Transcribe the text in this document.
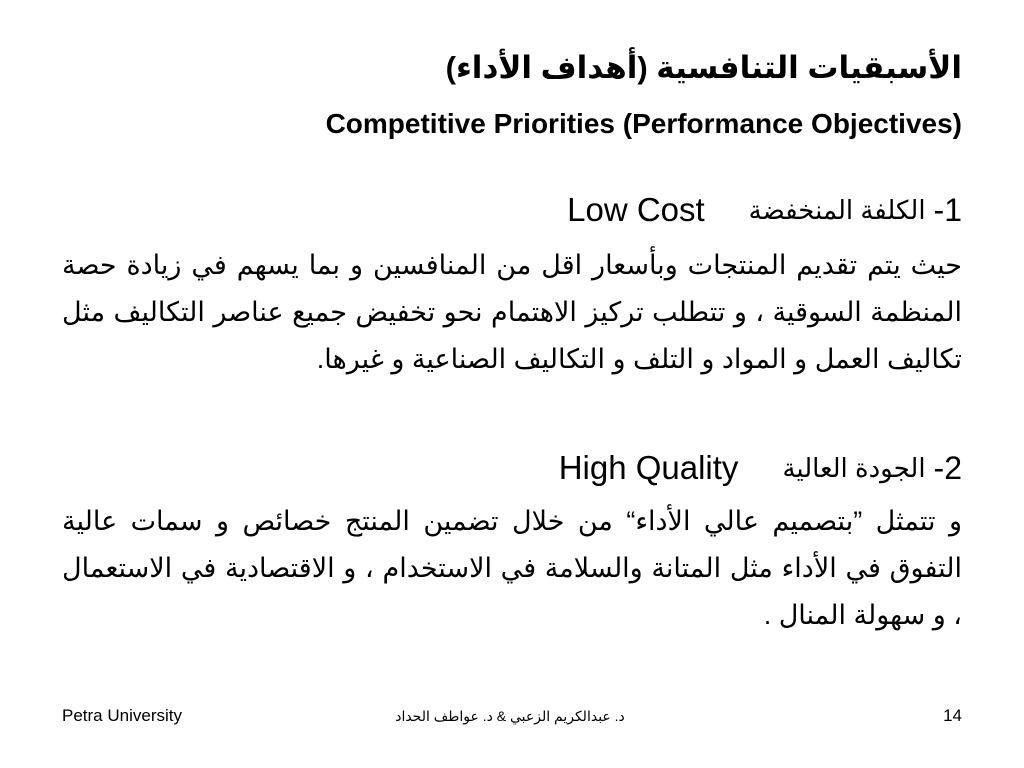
الأسبقيات التنافسية (أهداف الأداء)
Competitive Priorities (Performance Objectives)
1-
الكلفة المنخفضة
Low Cost

حيث يتم تقديم المنتجات وبأسعار اقل من المنافسين و بما يسهم في زيادة حصة المنظمة السوقية ، و تتطلب تركيز الاهتمام نحو تخفيض جميع عناصر التكاليف مثل تكاليف العمل و المواد و التلف و التكاليف الصناعية و غيرها.

2-
الجودة العالية
High Quality

و تتمثل ”بتصميم عالي الأداء“ من خلال تضمين المنتج خصائص و سمات عالية التفوق في الأداء مثل المتانة والسلامة في الاستخدام ، و الاقتصادية في الاستعمال ، و سهولة المنال .

Petra University	د. عبدالكريم الزعبي & د. عواطف الحداد	14
